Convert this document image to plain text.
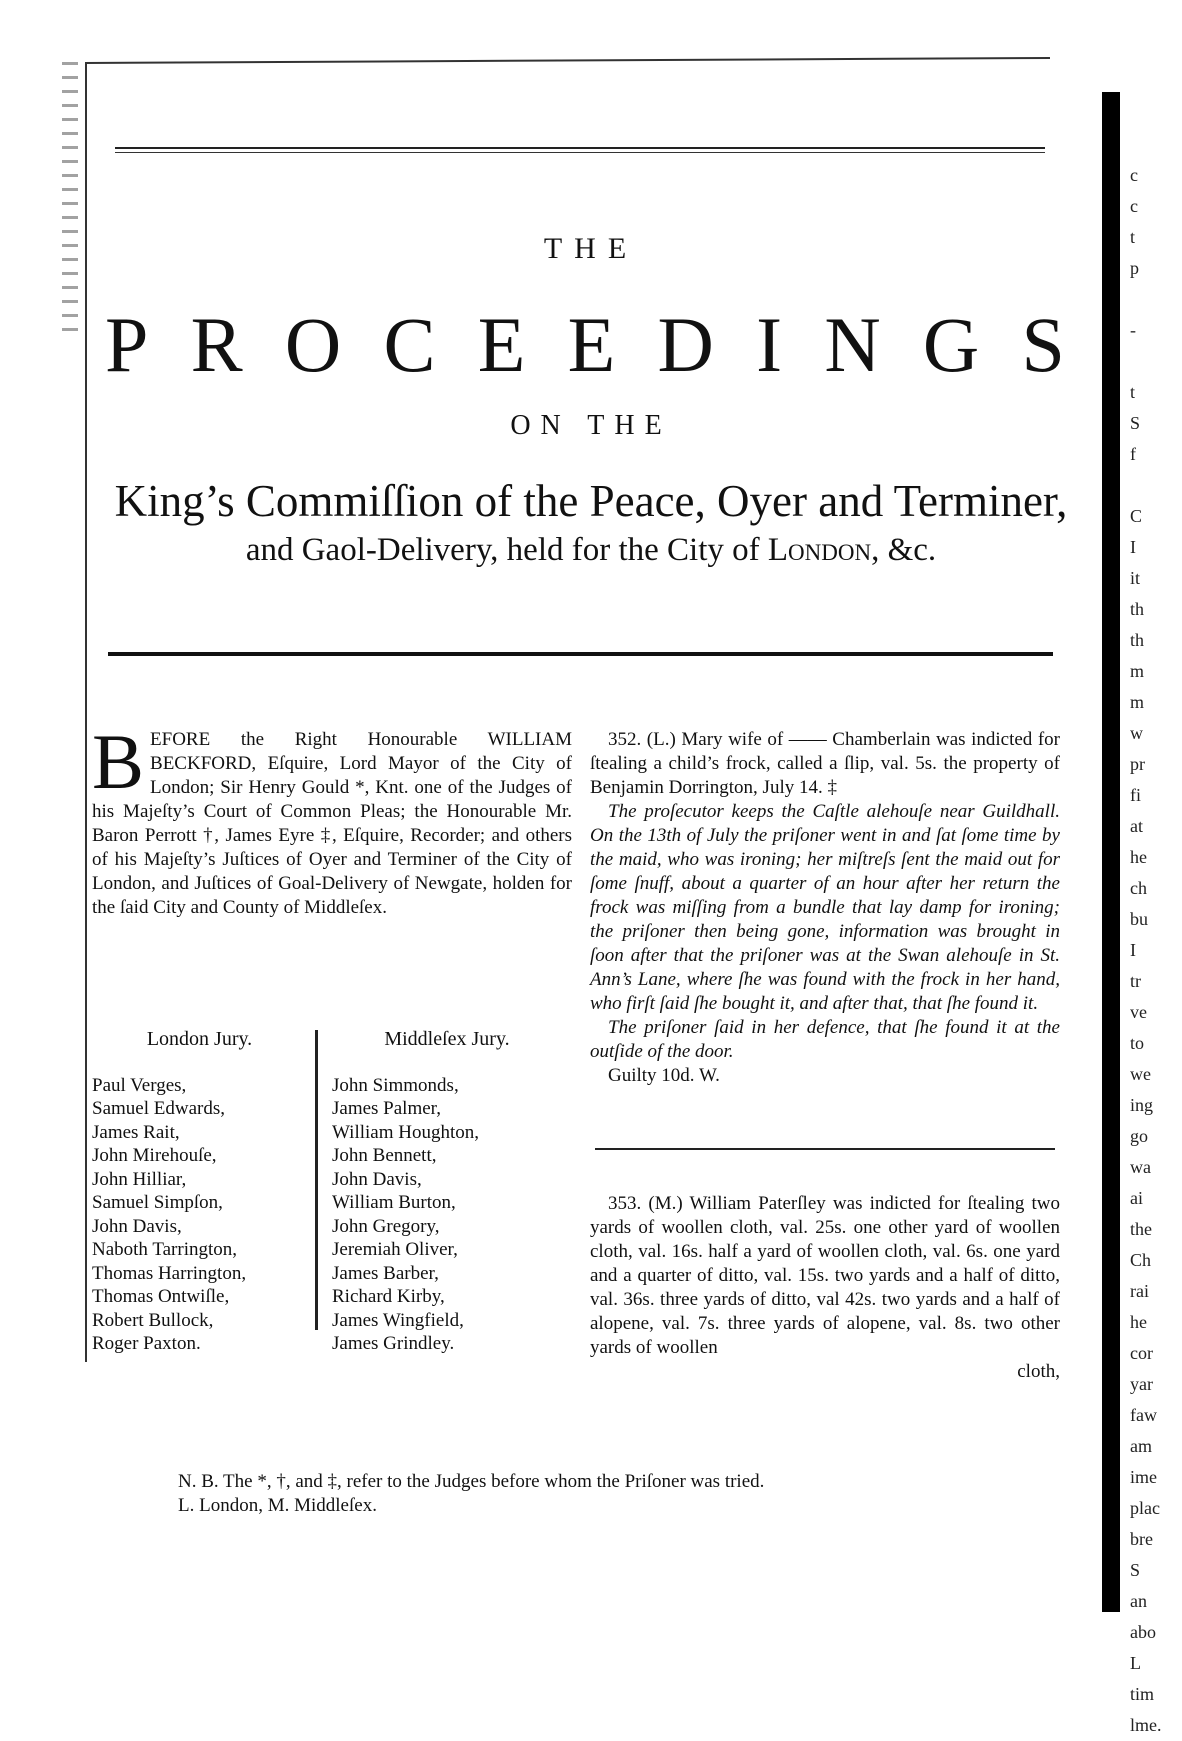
c
c
t
p

-

t
S
f

C
I
it
th
th
m
m
w
pr
fi
at
he
ch
bu
I
tr
ve
to
we
ing
go
wa
ai
the
Ch
rai
he
cor
yar
faw
am
ime
plac
bre
S
an
abo
L
tim
lme.
THE
P R O C E E D I N G S
ON THE
King’s Commiſſion of the Peace, Oyer and Terminer,
and Gaol-Delivery, held for the City of London, &c.
B EFORE the Right Honourable WILLIAM BECKFORD, Eſquire, Lord Mayor of the City of London; Sir Henry Gould *, Knt. one of the Judges of his Majeſty’s Court of Common Pleas; the Honourable Mr. Baron Perrott †, James Eyre ‡, Eſquire, Recorder; and others of his Majeſty’s Juſtices of Oyer and Terminer of the City of London, and Juſtices of Goal-Delivery of Newgate, holden for the ſaid City and County of Middleſex.
London Jury.
Paul Verges,
Samuel Edwards,
James Rait,
John Mirehouſe,
John Hilliar,
Samuel Simpſon,
John Davis,
Naboth Tarrington,
Thomas Harrington,
Thomas Ontwiſle,
Robert Bullock,
Roger Paxton.
Middleſex Jury.
John Simmonds,
James Palmer,
William Houghton,
John Bennett,
John Davis,
William Burton,
John Gregory,
Jeremiah Oliver,
James Barber,
Richard Kirby,
James Wingfield,
James Grindley.

352. (L.) Mary wife of —— Chamberlain was indicted for ſtealing a child’s frock, called a ſlip, val. 5s. the property of Benjamin Dorrington, July 14. ‡

The proſecutor keeps the Caſtle alehouſe near Guildhall. On the 13th of July the priſoner went in and ſat ſome time by the maid, who was ironing; her miſtreſs ſent the maid out for ſome ſnuff, about a quarter of an hour after her return the frock was miſſing from a bundle that lay damp for ironing; the priſoner then being gone, information was brought in ſoon after that the priſoner was at the Swan alehouſe in St. Ann’s Lane, where ſhe was found with the frock in her hand, who firſt ſaid ſhe bought it, and after that, that ſhe found it.

The priſoner ſaid in her defence, that ſhe found it at the outſide of the door.

Guilty 10d. W.

353. (M.) William Paterſley was indicted for ſtealing two yards of woollen cloth, val. 25s. one other yard of woollen cloth, val. 16s. half a yard of woollen cloth, val. 6s. one yard and a quarter of ditto, val. 15s. two yards and a half of ditto, val. 36s. three yards of ditto, val 42s. two yards and a half of alopene, val. 7s. three yards of alopene, val. 8s. two other yards of woollen

cloth,
N. B. The *, †, and ‡, refer to the Judges before whom the Priſoner was tried.
L. London, M. Middleſex.
